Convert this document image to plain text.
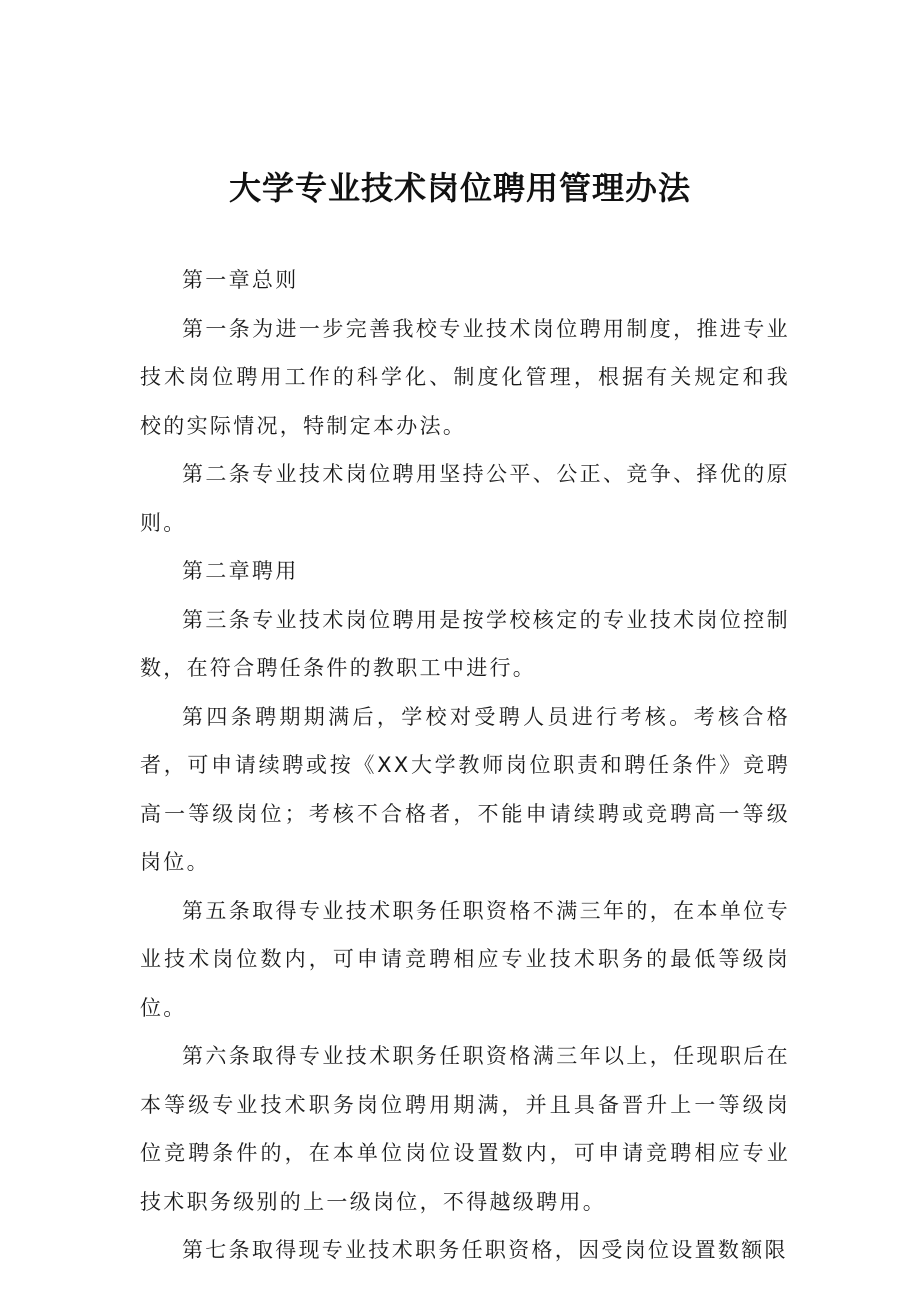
大学专业技术岗位聘用管理办法

第一章总则

第一条为进一步完善我校专业技术岗位聘用制度，推进专业技术岗位聘用工作的科学化、制度化管理，根据有关规定和我校的实际情况，特制定本办法。

第二条专业技术岗位聘用坚持公平、公正、竞争、择优的原则。

第二章聘用

第三条专业技术岗位聘用是按学校核定的专业技术岗位控制数，在符合聘任条件的教职工中进行。

第四条聘期期满后，学校对受聘人员进行考核。考核合格者，可申请续聘或按《XX大学教师岗位职责和聘任条件》竞聘高一等级岗位；考核不合格者，不能申请续聘或竞聘高一等级岗位。

第五条取得专业技术职务任职资格不满三年的，在本单位专业技术岗位数内，可申请竞聘相应专业技术职务的最低等级岗位。

第六条取得专业技术职务任职资格满三年以上，任现职后在本等级专业技术职务岗位聘用期满，并且具备晋升上一等级岗位竞聘条件的，在本单位岗位设置数内，可申请竞聘相应专业技术职务级别的上一级岗位，不得越级聘用。

第七条取得现专业技术职务任职资格，因受岗位设置数额限
